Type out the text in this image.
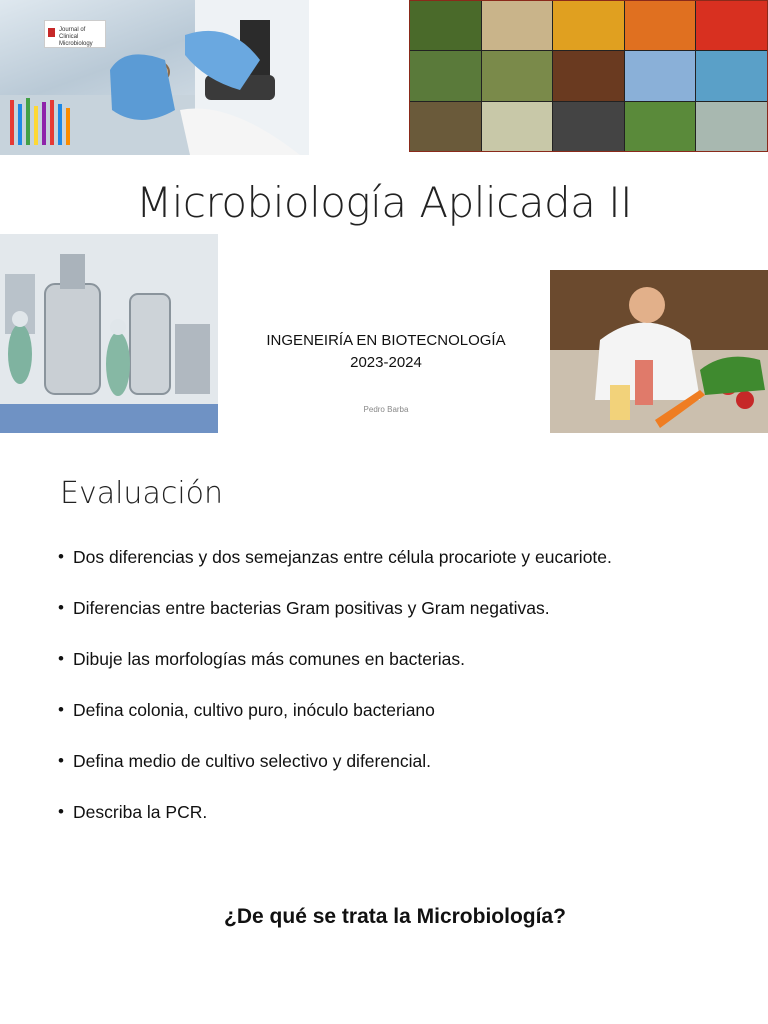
Journal of Clinical Microbiology
Microbiología Aplicada II
INGENEIRÍA EN BIOTECNOLOGÍA
2023-2024
Pedro Barba
Evaluación
• Dos diferencias y dos semejanzas entre célula procariote y eucariote.
• Diferencias entre bacterias Gram positivas y Gram negativas.
• Dibuje las morfologías más comunes en bacterias.
• Defina colonia, cultivo puro, inóculo bacteriano
• Defina medio de cultivo selectivo y diferencial.
• Describa la PCR.
¿De qué se trata la Microbiología?
